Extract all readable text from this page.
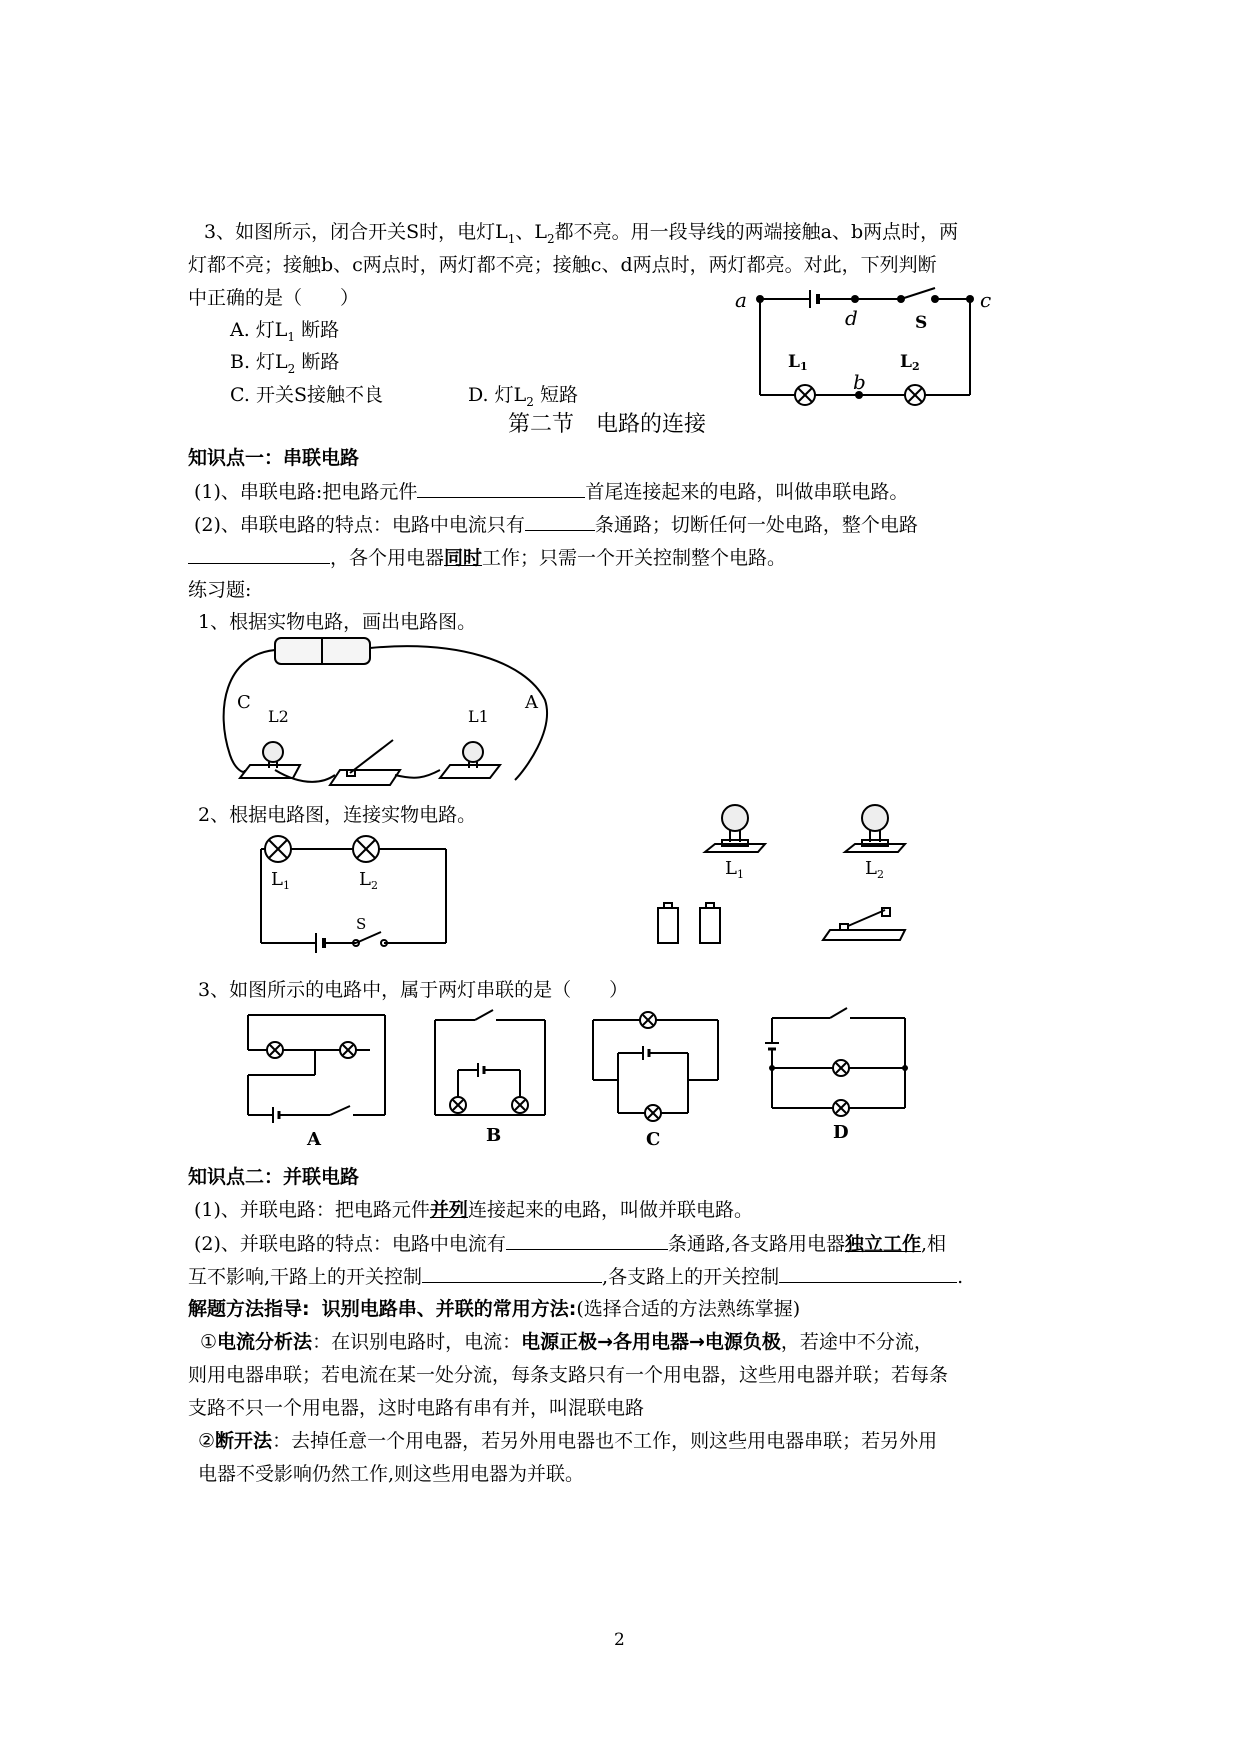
3、如图所示，闭合开关S时，电灯$L_1$、$L_2$都不亮。用一段导线的两端接触a、b两点时，两
灯都不亮；接触b、c两点时，两灯都不亮；接触c、d两点时，两灯都亮。对此，下列判断
中正确的是（　　）
A. 灯$L_1$ 断路
B. 灯$L_2$ 断路
C. 开关S接触不良	D. 灯$L_2$ 短路
a	c
d	S
b
L1	L2
第二节　电路的连接
知识点一：串联电路
(1)、串联电路:把电路元件	首尾连接起来的电路，叫做串联电路。
(2)、串联电路的特点：电路中电流只有	条通路；切断任何一处电路，整个电路
，各个用电器同时工作；只需一个开关控制整个电路。
练习题:
1、根据实物电路，画出电路图。
C	A
L2	L1
2、根据电路图，连接实物电路。
$L_1$	$L_2$
S
$L_1$	$L_2$
3、如图所示的电路中，属于两灯串联的是（　　）
A	B	C	D
知识点二：并联电路
(1)、并联电路：把电路元件并列连接起来的电路，叫做并联电路。
(2)、并联电路的特点：电路中电流有	条通路,各支路用电器独立工作,相
互不影响,干路上的开关控制	,各支路上的开关控制	.
解题方法指导: 识别电路串、并联的常用方法:(选择合适的方法熟练掌握)
①电流分析法：在识别电路时，电流：电源正极→各用电器→电源负极，若途中不分流，
则用电器串联；若电流在某一处分流，每条支路只有一个用电器，这些用电器并联；若每条
支路不只一个用电器，这时电路有串有并，叫混联电路
②断开法：去掉任意一个用电器，若另外用电器也不工作，则这些用电器串联；若另外用
电器不受影响仍然工作,则这些用电器为并联。
2
